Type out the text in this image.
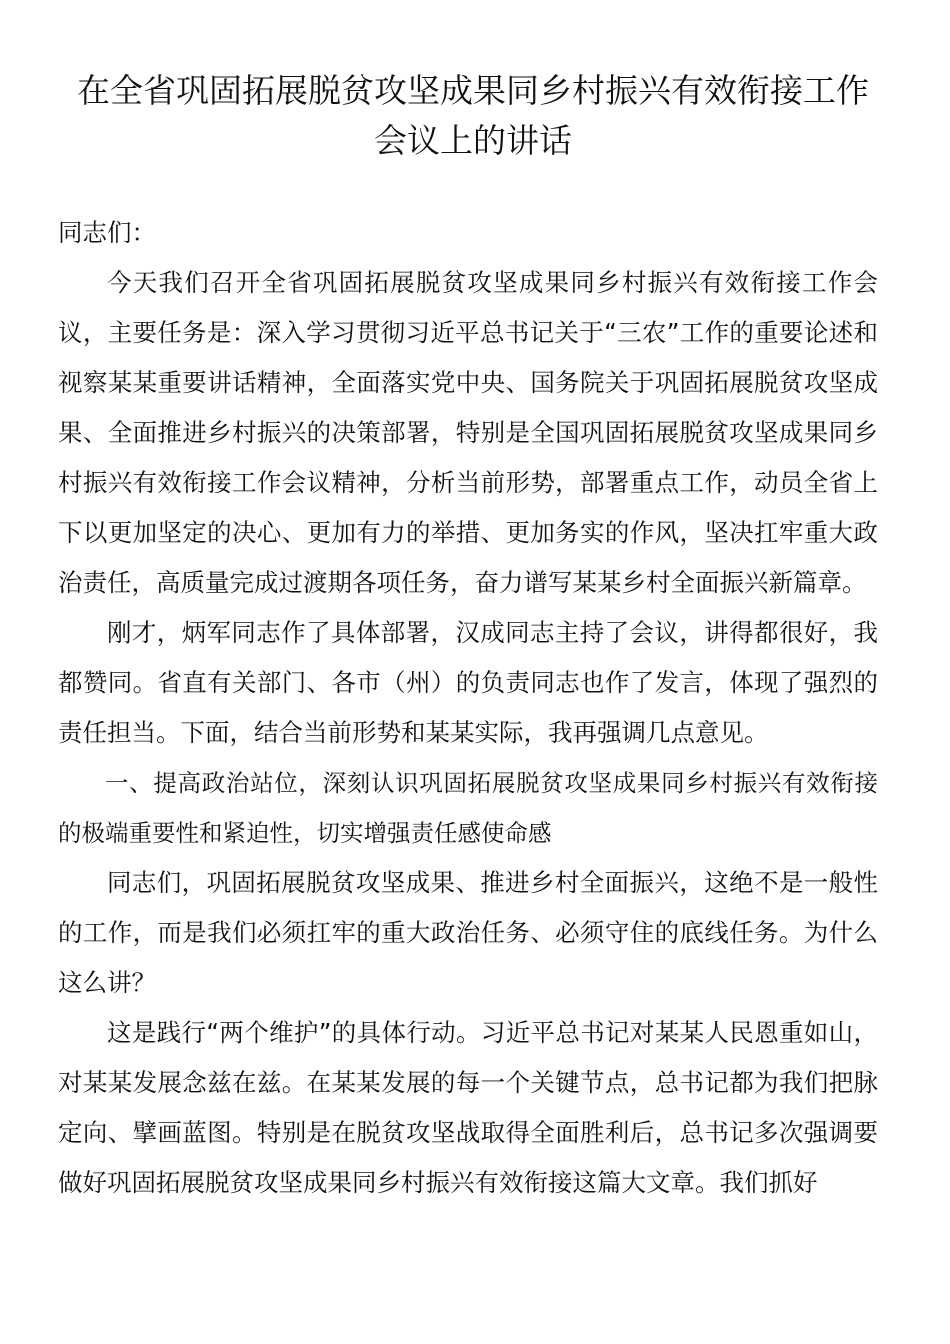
在全省巩固拓展脱贫攻坚成果同乡村振兴有效衔接工作会议上的讲话

同志们：

今天我们召开全省巩固拓展脱贫攻坚成果同乡村振兴有效衔接工作会议，主要任务是：深入学习贯彻习近平总书记关于“三农”工作的重要论述和视察某某重要讲话精神，全面落实党中央、国务院关于巩固拓展脱贫攻坚成果、全面推进乡村振兴的决策部署，特别是全国巩固拓展脱贫攻坚成果同乡村振兴有效衔接工作会议精神，分析当前形势，部署重点工作，动员全省上下以更加坚定的决心、更加有力的举措、更加务实的作风，坚决扛牢重大政治责任，高质量完成过渡期各项任务，奋力谱写某某乡村全面振兴新篇章。

刚才，炳军同志作了具体部署，汉成同志主持了会议，讲得都很好，我都赞同。省直有关部门、各市（州）的负责同志也作了发言，体现了强烈的责任担当。下面，结合当前形势和某某实际，我再强调几点意见。

一、提高政治站位，深刻认识巩固拓展脱贫攻坚成果同乡村振兴有效衔接的极端重要性和紧迫性，切实增强责任感使命感

同志们，巩固拓展脱贫攻坚成果、推进乡村全面振兴，这绝不是一般性的工作，而是我们必须扛牢的重大政治任务、必须守住的底线任务。为什么这么讲？

这是践行“两个维护”的具体行动。习近平总书记对某某人民恩重如山，对某某发展念兹在兹。在某某发展的每一个关键节点，总书记都为我们把脉定向、擘画蓝图。特别是在脱贫攻坚战取得全面胜利后，总书记多次强调要做好巩固拓展脱贫攻坚成果同乡村振兴有效衔接这篇大文章。我们抓好
